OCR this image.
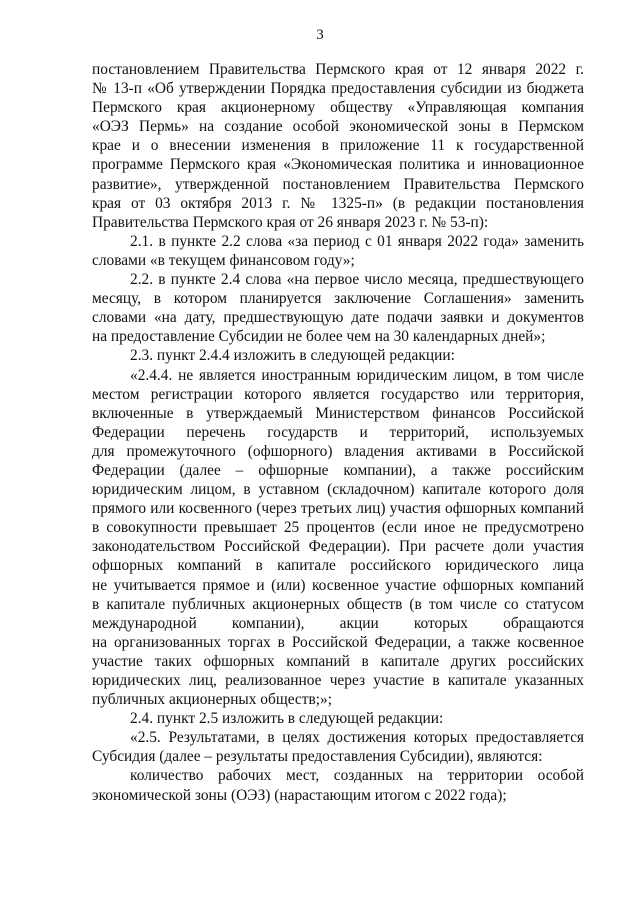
3
постановлением Правительства Пермского края от 12 января 2022 г.
№ 13-п «Об утверждении Порядка предоставления субсидии из бюджета
Пермского края акционерному обществу «Управляющая компания
«ОЭЗ Пермь» на создание особой экономической зоны в Пермском
крае и о внесении изменения в приложение 11 к государственной
программе Пермского края «Экономическая политика и инновационное
развитие», утвержденной постановлением Правительства Пермского
края от 03 октября 2013 г. № 1325-п» (в редакции постановления
Правительства Пермского края от 26 января 2023 г. № 53-п):
2.1. в пункте 2.2 слова «за период с 01 января 2022 года» заменить
словами «в текущем финансовом году»;
2.2. в пункте 2.4 слова «на первое число месяца, предшествующего
месяцу, в котором планируется заключение Соглашения» заменить
словами «на дату, предшествующую дате подачи заявки и документов
на предоставление Субсидии не более чем на 30 календарных дней»;
2.3. пункт 2.4.4 изложить в следующей редакции:
«2.4.4. не является иностранным юридическим лицом, в том числе
местом регистрации которого является государство или территория,
включенные в утверждаемый Министерством финансов Российской
Федерации перечень государств и территорий, используемых
для промежуточного (офшорного) владения активами в Российской
Федерации (далее – офшорные компании), а также российским
юридическим лицом, в уставном (складочном) капитале которого доля
прямого или косвенного (через третьих лиц) участия офшорных компаний
в совокупности превышает 25 процентов (если иное не предусмотрено
законодательством Российской Федерации). При расчете доли участия
офшорных компаний в капитале российского юридического лица
не учитывается прямое и (или) косвенное участие офшорных компаний
в капитале публичных акционерных обществ (в том числе со статусом
международной компании), акции которых обращаются
на организованных торгах в Российской Федерации, а также косвенное
участие таких офшорных компаний в капитале других российских
юридических лиц, реализованное через участие в капитале указанных
публичных акционерных обществ;»;
2.4. пункт 2.5 изложить в следующей редакции:
«2.5. Результатами, в целях достижения которых предоставляется
Субсидия (далее – результаты предоставления Субсидии), являются:
количество рабочих мест, созданных на территории особой
экономической зоны (ОЭЗ) (нарастающим итогом с 2022 года);
